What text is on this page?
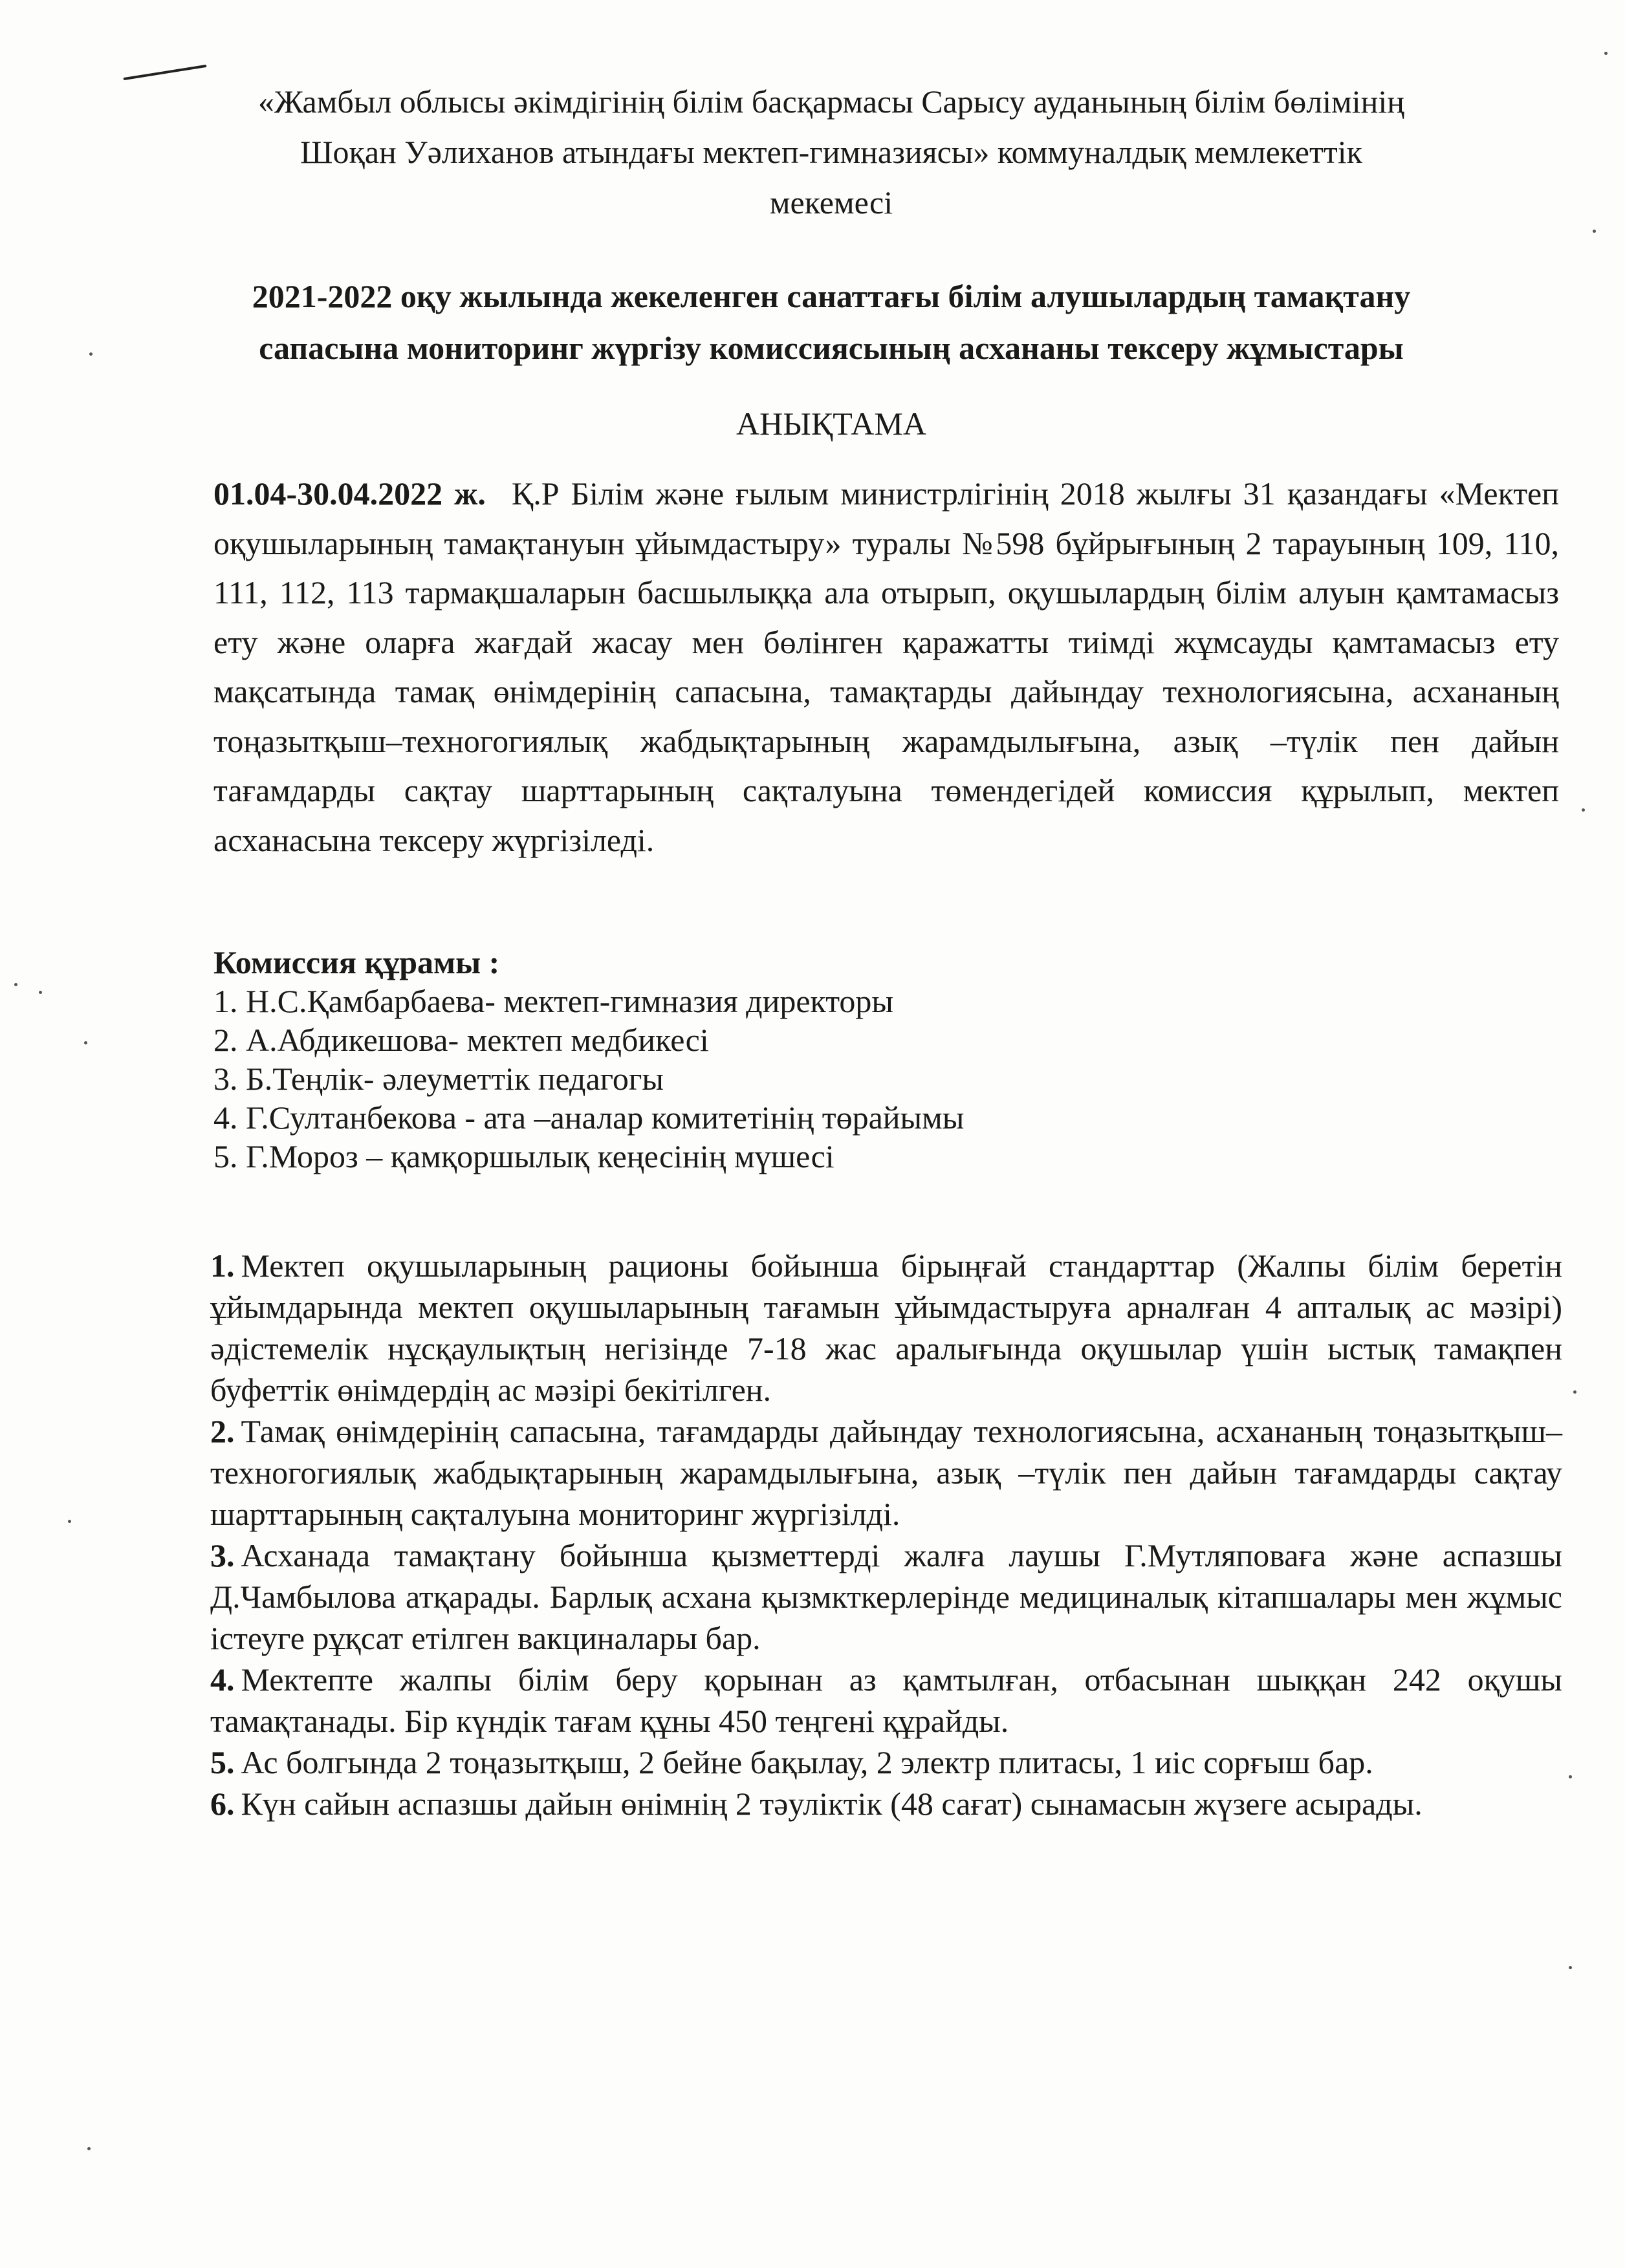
«Жамбыл облысы әкімдігінің білім басқармасы Сарысу ауданының білім бөлімінің
Шоқан Уәлиханов атындағы мектеп-гимназиясы» коммуналдық мемлекеттік
мекемесі
2021-2022 оқу жылында жекеленген санаттағы білім алушылардың тамақтану
сапасына мониторинг жүргізу комиссиясының асхананы тексеру жұмыстары
АНЫҚТАМА
01.04-30.04.2022 ж. Қ.Р Білім және ғылым министрлігінің 2018 жылғы 31 қазандағы «Мектеп оқушыларының тамақтануын ұйымдастыру» туралы №598 бұйрығының 2 тарауының 109, 110, 111, 112, 113 тармақшаларын басшылыққа ала отырып, оқушылардың білім алуын қамтамасыз ету және оларға жағдай жасау мен бөлінген қаражатты тиімді жұмсауды қамтамасыз ету мақсатында тамақ өнімдерінің сапасына, тамақтарды дайындау технологиясына, асхананың тоңазытқыш–техногогиялық жабдықтарының жарамдылығына, азық –түлік пен дайын тағамдарды сақтау шарттарының сақталуына төмендегідей комиссия құрылып, мектеп асханасына тексеру жүргізіледі.
Комиссия құрамы :
1. Н.С.Қамбарбаева- мектеп-гимназия директоры
2. А.Абдикешова- мектеп медбикесі
3. Б.Теңлік- әлеуметтік педагогы
4. Г.Султанбекова - ата –аналар комитетінің төрайымы
5. Г.Мороз – қамқоршылық кеңесінің мүшесі

1. Мектеп оқушыларының рационы бойынша бірыңғай стандарттар (Жалпы білім беретін ұйымдарында мектеп оқушыларының тағамын ұйымдастыруға арналған 4 апталық ас мәзірі) әдістемелік нұсқаулықтың негізінде 7-18 жас аралығында оқушылар үшін ыстық тамақпен буфеттік өнімдердің ас мәзірі бекітілген.

2. Тамақ өнімдерінің сапасына, тағамдарды дайындау технологиясына, асхананың тоңазытқыш–техногогиялық жабдықтарының жарамдылығына, азық –түлік пен дайын тағамдарды сақтау шарттарының сақталуына мониторинг жүргізілді.

3. Асханада тамақтану бойынша қызметтерді жалға лаушы Г.Мутляповаға және аспазшы Д.Чамбылова атқарады. Барлық асхана қызмкткерлерінде медициналық кітапшалары мен жұмыс істеуге рұқсат етілген вакциналары бар.

4. Мектепте жалпы білім беру қорынан аз қамтылған, отбасынан шыққан 242 оқушы тамақтанады. Бір күндік тағам құны 450 теңгені құрайды.

5. Ас болгында 2 тоңазытқыш, 2 бейне бақылау, 2 электр плитасы, 1 иіс сорғыш бар.

6. Күн сайын аспазшы дайын өнімнің 2 тәуліктік (48 сағат) сынамасын жүзеге асырады.
